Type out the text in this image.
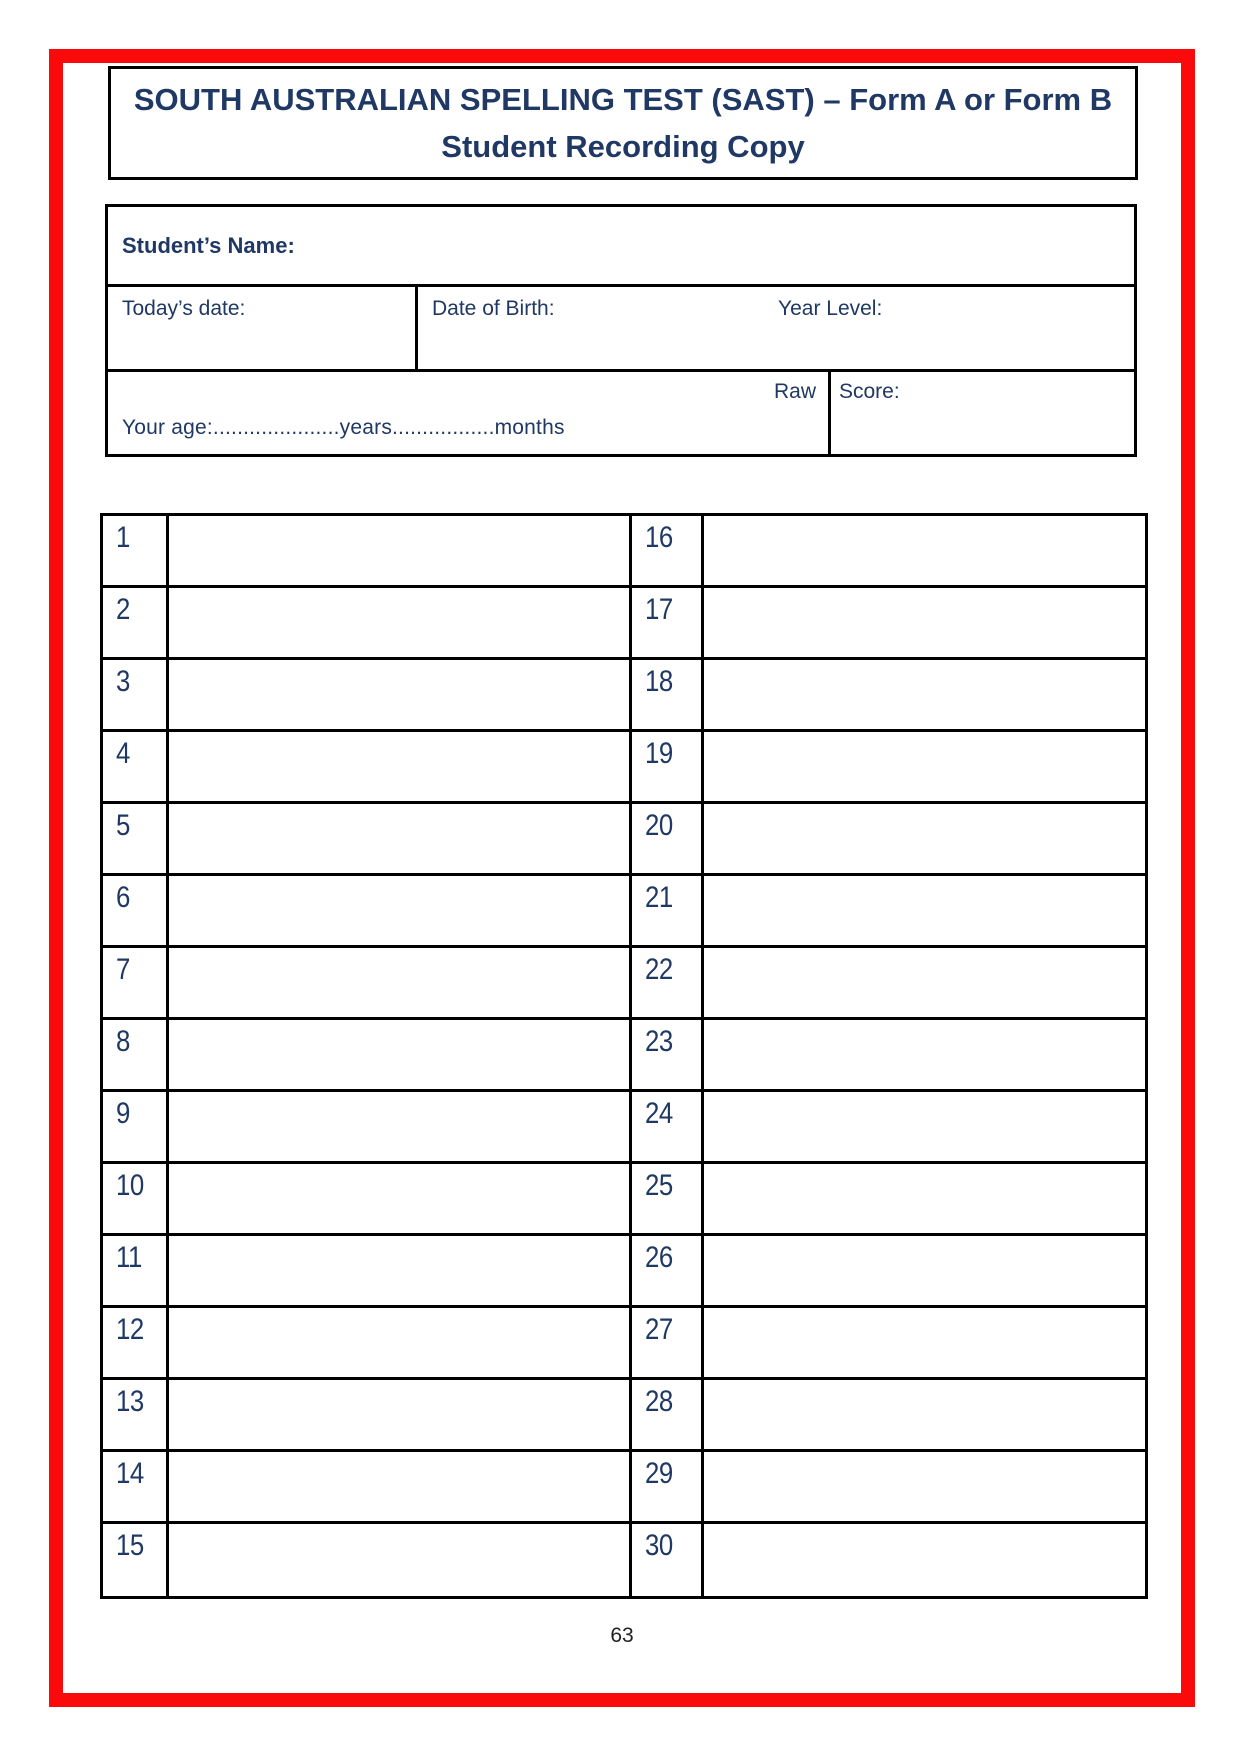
SOUTH AUSTRALIAN SPELLING TEST (SAST) – Form A or Form B
Student Recording Copy
Student’s Name:
Today’s date:	Date of Birth:	Year Level:
Raw
Your age:.....................years.................months
Score:
1	16
2	17
3	18
4	19
5	20
6	21
7	22
8	23
9	24
10	25
11	26
12	27
13	28
14	29
15	30
63
